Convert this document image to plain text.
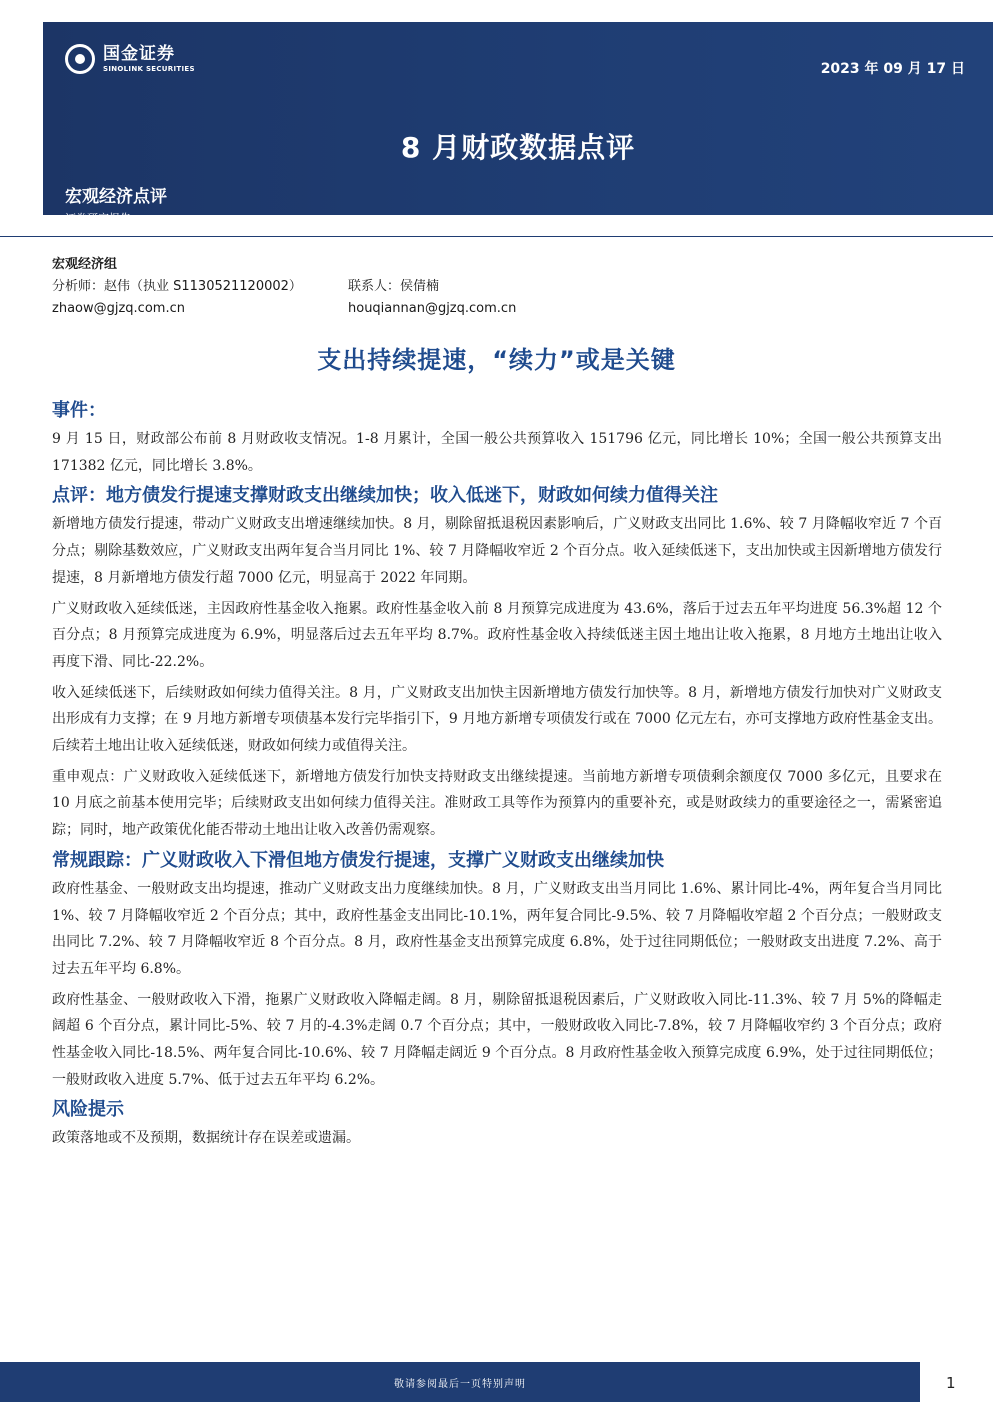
国金证券
SINOLINK SECURITIES	2023 年 09 月 17 日
8 月财政数据点评
宏观经济点评
证券研究报告
宏观经济组
分析师：赵伟（执业 S1130521120002）	联系人：侯倩楠
zhaow@gjzq.com.cn	houqiannan@gjzq.com.cn
支出持续提速，“续力”或是关键
事件：

9 月 15 日，财政部公布前 8 月财政收支情况。1-8 月累计，全国一般公共预算收入 151796 亿元，同比增长 10%；全国一般公共预算支出 171382 亿元，同比增长 3.8%。

点评：地方债发行提速支撑财政支出继续加快；收入低迷下，财政如何续力值得关注

新增地方债发行提速，带动广义财政支出增速继续加快。8 月，剔除留抵退税因素影响后，广义财政支出同比 1.6%、较 7 月降幅收窄近 7 个百分点；剔除基数效应，广义财政支出两年复合当月同比 1%、较 7 月降幅收窄近 2 个百分点。收入延续低迷下，支出加快或主因新增地方债发行提速，8 月新增地方债发行超 7000 亿元，明显高于 2022 年同期。

广义财政收入延续低迷，主因政府性基金收入拖累。政府性基金收入前 8 月预算完成进度为 43.6%，落后于过去五年平均进度 56.3%超 12 个百分点；8 月预算完成进度为 6.9%，明显落后过去五年平均 8.7%。政府性基金收入持续低迷主因土地出让收入拖累，8 月地方土地出让收入再度下滑、同比-22.2%。

收入延续低迷下，后续财政如何续力值得关注。8 月，广义财政支出加快主因新增地方债发行加快等。8 月，新增地方债发行加快对广义财政支出形成有力支撑；在 9 月地方新增专项债基本发行完毕指引下，9 月地方新增专项债发行或在 7000 亿元左右，亦可支撑地方政府性基金支出。后续若土地出让收入延续低迷，财政如何续力或值得关注。

重申观点：广义财政收入延续低迷下，新增地方债发行加快支持财政支出继续提速。当前地方新增专项债剩余额度仅 7000 多亿元，且要求在 10 月底之前基本使用完毕；后续财政支出如何续力值得关注。准财政工具等作为预算内的重要补充，或是财政续力的重要途径之一，需紧密追踪；同时，地产政策优化能否带动土地出让收入改善仍需观察。

常规跟踪：广义财政收入下滑但地方债发行提速，支撑广义财政支出继续加快

政府性基金、一般财政支出均提速，推动广义财政支出力度继续加快。8 月，广义财政支出当月同比 1.6%、累计同比-4%，两年复合当月同比 1%、较 7 月降幅收窄近 2 个百分点；其中，政府性基金支出同比-10.1%，两年复合同比-9.5%、较 7 月降幅收窄超 2 个百分点；一般财政支出同比 7.2%、较 7 月降幅收窄近 8 个百分点。8 月，政府性基金支出预算完成度 6.8%，处于过往同期低位；一般财政支出进度 7.2%、高于过去五年平均 6.8%。

政府性基金、一般财政收入下滑，拖累广义财政收入降幅走阔。8 月，剔除留抵退税因素后，广义财政收入同比-11.3%、较 7 月 5%的降幅走阔超 6 个百分点，累计同比-5%、较 7 月的-4.3%走阔 0.7 个百分点；其中，一般财政收入同比-7.8%，较 7 月降幅收窄约 3 个百分点；政府性基金收入同比-18.5%、两年复合同比-10.6%、较 7 月降幅走阔近 9 个百分点。8 月政府性基金收入预算完成度 6.9%，处于过往同期低位；一般财政收入进度 5.7%、低于过去五年平均 6.2%。

风险提示

政策落地或不及预期，数据统计存在误差或遗漏。

敬请参阅最后一页特别声明	1
